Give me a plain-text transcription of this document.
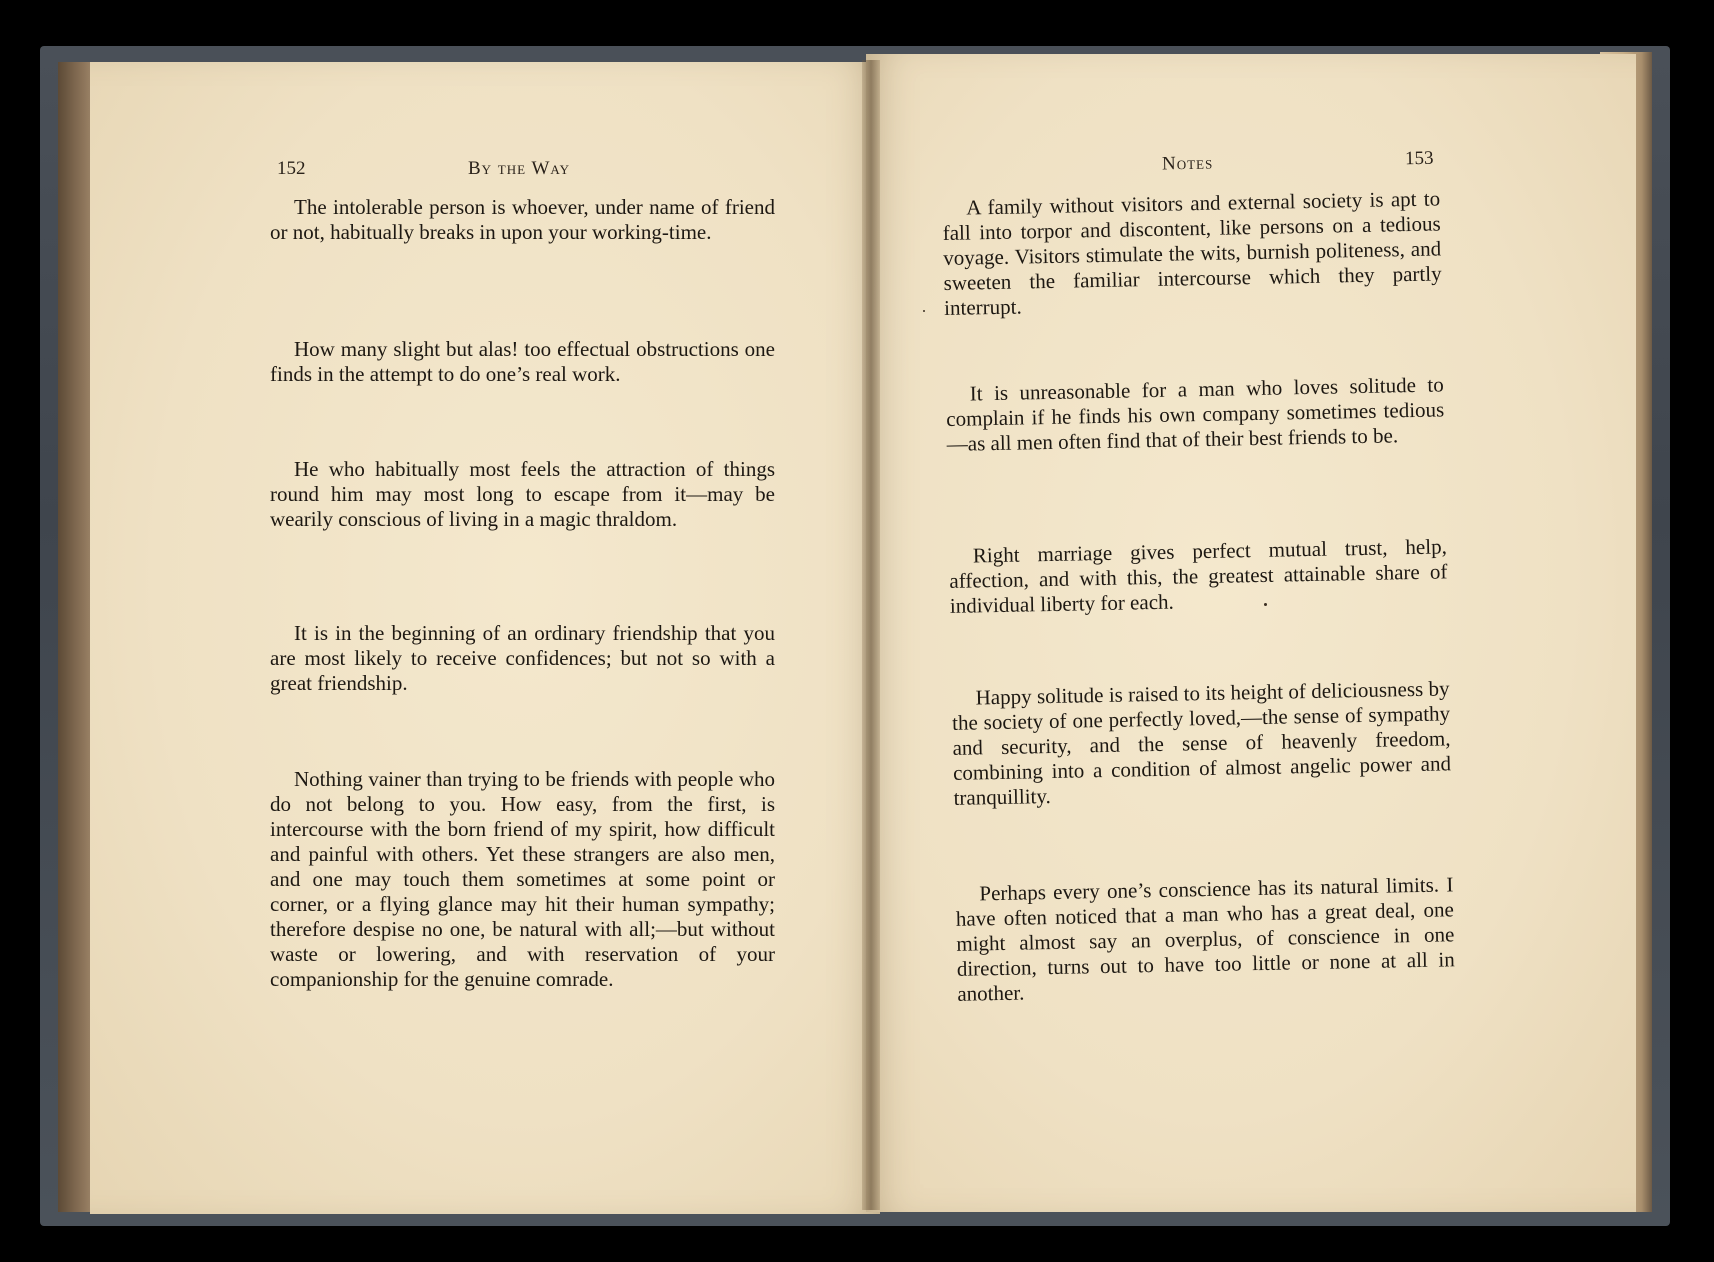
152	By the Way

The intolerable person is whoever, under name of friend or not, habitually breaks in upon your working-time.

How many slight but alas! too effectual obstructions one finds in the attempt to do one’s real work.

He who habitually most feels the attraction of things round him may most long to escape from it—may be wearily conscious of living in a magic thraldom.

It is in the beginning of an ordinary friendship that you are most likely to receive confidences; but not so with a great friendship.

Nothing vainer than trying to be friends with people who do not belong to you. How easy, from the first, is intercourse with the born friend of my spirit, how difficult and painful with others. Yet these strangers are also men, and one may touch them sometimes at some point or corner, or a flying glance may hit their human sympathy; therefore despise no one, be natural with all;—but without waste or lowering, and with reservation of your companionship for the genuine comrade.

Notes	153

A family without visitors and external society is apt to fall into torpor and discontent, like persons on a tedious voyage. Visitors stimulate the wits, burnish politeness, and sweeten the familiar intercourse which they partly interrupt.

It is unreasonable for a man who loves solitude to complain if he finds his own company sometimes tedious—as all men often find that of their best friends to be.

Right marriage gives perfect mutual trust, help, affection, and with this, the greatest attainable share of individual liberty for each.

Happy solitude is raised to its height of deliciousness by the society of one perfectly loved,—the sense of sympathy and security, and the sense of heavenly freedom, combining into a condition of almost angelic power and tranquillity.

Perhaps every one’s conscience has its natural limits. I have often noticed that a man who has a great deal, one might almost say an overplus, of conscience in one direction, turns out to have too little or none at all in another.
